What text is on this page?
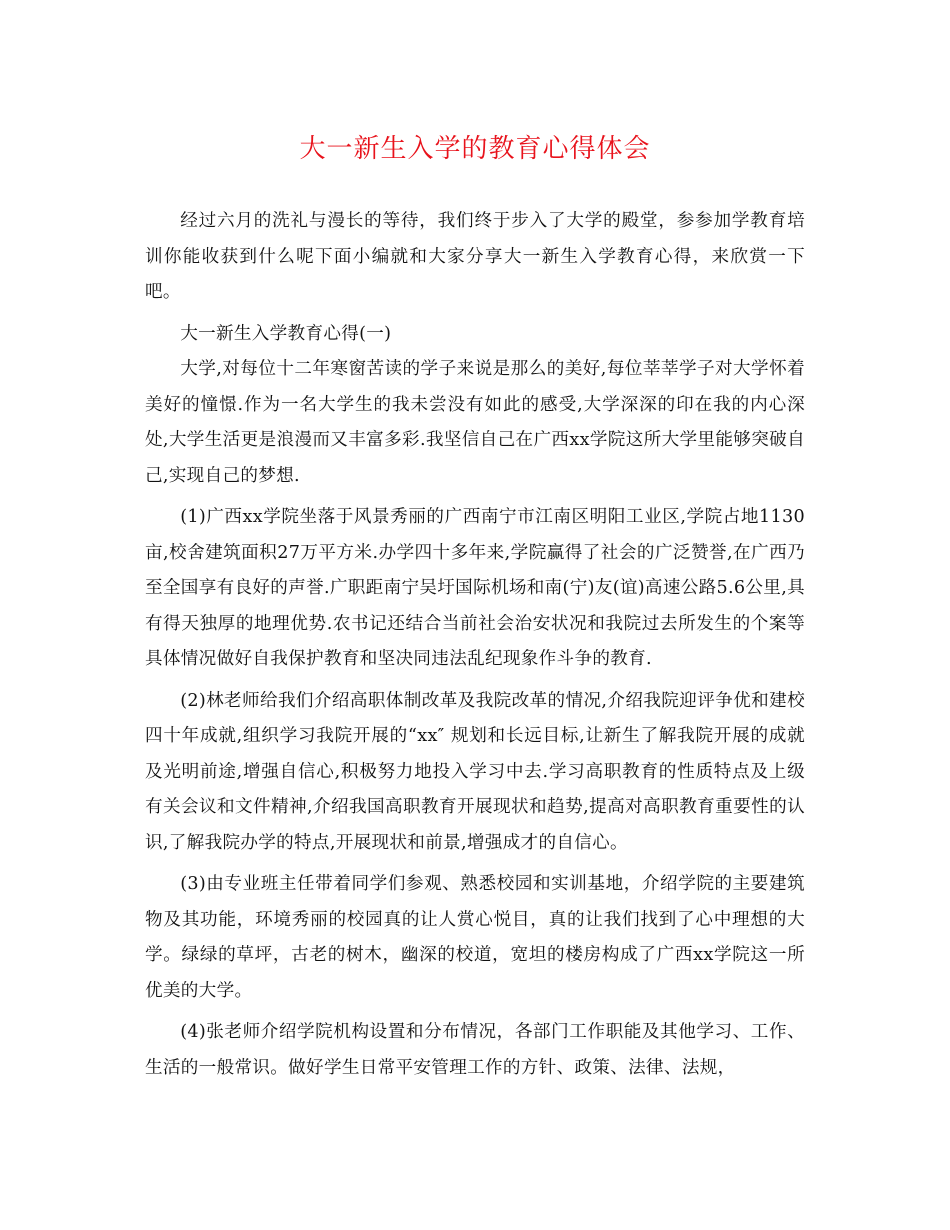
大一新生入学的教育心得体会

经过六月的洗礼与漫长的等待，我们终于步入了大学的殿堂，参参加学教育培训你能收获到什么呢下面小编就和大家分享大一新生入学教育心得，来欣赏一下吧。

大一新生入学教育心得(一)

大学,对每位十二年寒窗苦读的学子来说是那么的美好,每位莘莘学子对大学怀着美好的憧憬.作为一名大学生的我未尝没有如此的感受,大学深深的印在我的内心深处,大学生活更是浪漫而又丰富多彩.我坚信自己在广西xx学院这所大学里能够突破自己,实现自己的梦想.

(1)广西xx学院坐落于风景秀丽的广西南宁市江南区明阳工业区,学院占地1130亩,校舍建筑面积27万平方米.办学四十多年来,学院赢得了社会的广泛赞誉,在广西乃至全国享有良好的声誉.广职距南宁吴圩国际机场和南(宁)友(谊)高速公路5.6公里,具有得天独厚的地理优势.农书记还结合当前社会治安状况和我院过去所发生的个案等具体情况做好自我保护教育和坚决同违法乱纪现象作斗争的教育.

(2)林老师给我们介绍高职体制改革及我院改革的情况,介绍我院迎评争优和建校四十年成就,组织学习我院开展的“xx″ 规划和长远目标,让新生了解我院开展的成就及光明前途,增强自信心,积极努力地投入学习中去.学习高职教育的性质特点及上级有关会议和文件精神,介绍我国高职教育开展现状和趋势,提高对高职教育重要性的认识,了解我院办学的特点,开展现状和前景,增强成才的自信心。

(3)由专业班主任带着同学们参观、熟悉校园和实训基地，介绍学院的主要建筑物及其功能，环境秀丽的校园真的让人赏心悦目，真的让我们找到了心中理想的大学。绿绿的草坪，古老的树木，幽深的校道，宽坦的楼房构成了广西xx学院这一所优美的大学。

(4)张老师介绍学院机构设置和分布情况，各部门工作职能及其他学习、工作、生活的一般常识。做好学生日常平安管理工作的方针、政策、法律、法规，
